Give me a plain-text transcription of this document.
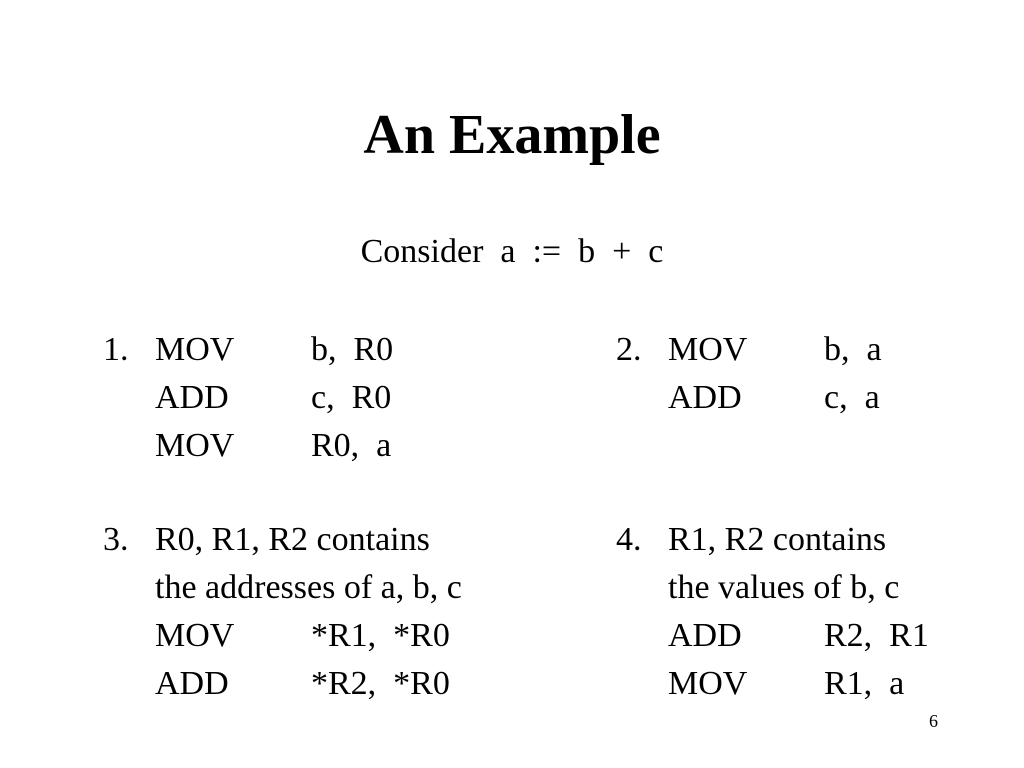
An Example
Consider  a  :=  b  +  c

1.

MOV

b,  R0

ADD

c,  R0

MOV

R0,  a

2.

MOV

b,  a

ADD

c,  a

3.

R0, R1, R2 contains

the addresses of a, b, c

MOV

*R1,  *R0

ADD

*R2,  *R0

4.

R1, R2 contains

the values of b, c

ADD

R2,  R1

MOV

R1,  a

6
